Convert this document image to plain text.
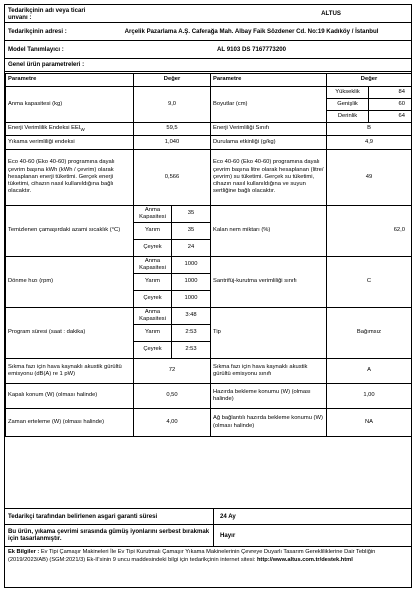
Tedarikçinin adı veya ticari unvanı :	ALTUS
Tedarikçinin adresi :	Arçelik Pazarlama A.Ş. Caferağa Mah. Albay Faik Sözdener Cd. No:19 Kadıköy / İstanbul
Model Tanımlayıcı :	AL 9103 DS 7167773200
Genel ürün parametreleri :
Parametre	Değer		Parametre	Değer	
Anma kapasitesi (kg)	9,0		Boyutlar (cm)	Yükseklik	84
				Genişlik	60
				Derinlik	64
Enerji Verimlilik Endeksi $EEI_W$	59,5		Enerji Verimliliği Sınıfı	B	
Yıkama verimliliği endeksi	1,040		Durulama etkinliği (g/kg)	4,9	
Eco 40-60 (Eko 40-60) programına dayalı çevrim başına kWh (kWh / çevrim) olarak hesaplanan enerji tüketimi. Gerçek enerji tüketimi, cihazın nasıl kullanıldığına bağlı olacaktır.	0,566		Eco 40-60 (Eko 40-60) programına dayalı çevrim başına litre olarak hesaplanan (litre/çevrim) su tüketimi. Gerçek su tüketimi, cihazın nasıl kullanıldığına ve suyun sertliğine bağlı olacaktır.	49	
Temizlenen çamaşırdaki azami sıcaklık (°C)	Anma Kapasitesi	35	Kalan nem miktarı (%)	62,0	
	Yarım	35			
	Çeyrek	24			
Dönme hızı (rpm)	Anma Kapasitesi	1000	Santrifüj-kurutma verimliliği sınıfı	C	
	Yarım	1000			
	Çeyrek	1000			
Program süresi (saat : dakika)	Anma Kapasitesi	3:48	Tip	Bağımsız	
	Yarım	2:53			
	Çeyrek	2:53			
Sıkma fazı için hava kaynaklı akustik gürültü emisyonu (dB(A) re 1 pW)	72		Sıkma fazı için hava kaynaklı akustik gürültü emisyonu sınıfı	A	
Kapalı konum (W) (olması halinde)	0,50		Hazırda bekleme konumu (W) (olması halinde)	1,00	
Zaman erteleme (W) (olması halinde)	4,00		Ağ bağlantılı hazırda bekleme konumu (W) (olması halinde)	NA	
Tedarikçi tarafından belirlenen asgari garanti süresi	24 Ay
Bu ürün, yıkama çevrimi sırasında gümüş iyonlarını serbest bırakmak için tasarlanmıştır.	Hayır
Ek Bilgiler : Ev Tipi Çamaşır Makineleri İle Ev Tipi Kurutmalı Çamaşır Yıkama Makinelerinin Çevreye Duyarlı Tasarım Gerekliliklerine Dair Tebliğin (2019/2023/AB) (SGM:2021/3) Ek-II'sinin 9 uncu maddesindeki bilgi için tedarikçinin internet sitesi: http://www.altus.com.tr/destek.html
